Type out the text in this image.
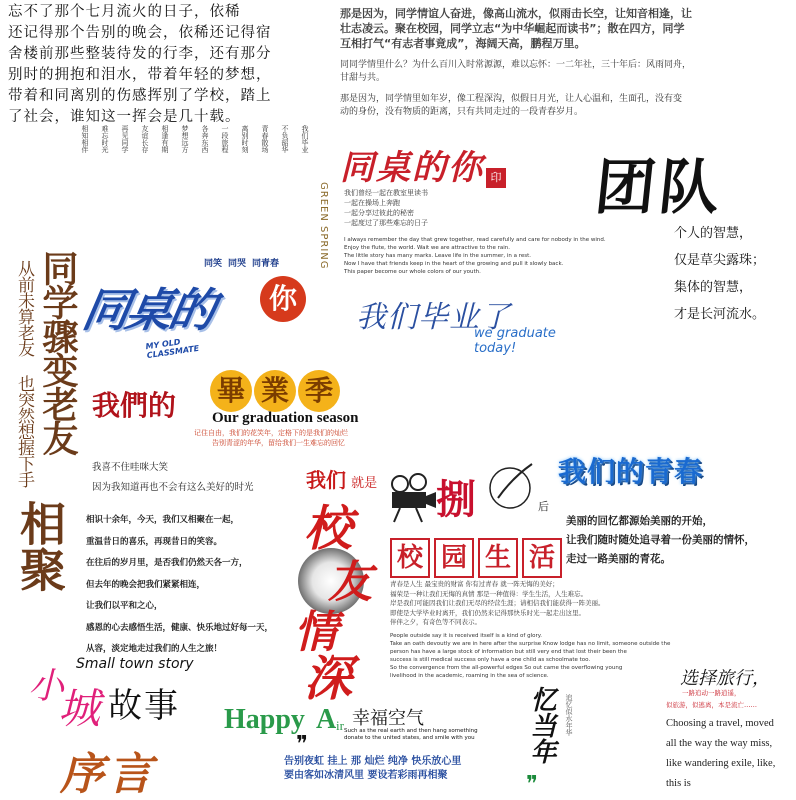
忘不了那个七月流火的日子，依稀
还记得那个告别的晚会，依稀还记得宿
舍楼前那些整装待发的行李，还有那分
别时的拥抱和泪水，带着年轻的梦想，
带着和同离别的伤感挥别了学校，踏上
了社会，谁知这一挥会是几十载。

那是因为，同学情谊人奋进，像高山流水，似雨击长空，让知音相逢，让
壮志凌云。聚在校园，同学立志“为中华崛起而读书”；散在四方，同学
互相打气“有志者事竟成”，海阔天高，鹏程万里。

同同学情里什么？为什么百川入时常源源，难以忘怀：一二年社，三十年后：风雨同舟，
甘甜与共。

那是因为，同学情里如年岁，像工程深沟，似假日月光，让人心温和，生面孔，没有变
动的身份，没有物质的距离，只有共同走过的一段青春岁月。

我们毕业
不负韶华
青春散场
离别时刻
一段旅程
各奔东西
梦想远方
相逢有期
友谊长存
再见同学
难忘时光
相知相伴
同桌的你 印
GREEN SPRING 我们曾经一起在教室里读书
一起在操场上奔跑
一起分享过彼此的秘密
一起度过了那些难忘的日子

I always remember the day that grew together, read carefully and care for nobody in the wind.
Enjoy the flute, the world. Wait we are attractive to the rain.
The little story has many marks. Leave life in the summer, in a rest.
Now I have that friends keep in the heart of the growing and pull it slowly back.
This paper become our whole colors of our youth.

团队
个人的智慧，
仅是草尖露珠；
集体的智慧，
才是长河流水。
同学骤变老友
从前未算老友 也突然想握下手	同笑 同哭 同青春
同桌的	你
MY OLD CLASSMATE
我们毕业了
we graduate today!
我們的 畢 業 季
Our graduation season
记住自由，我们的花笑年，定格下的是我们的灿烂
告别青涩的年华，留给我们一生难忘的回忆
我们的青春
我喜不住哇咪大笑
因为我知道再也不会有这么美好的时光	我们 就是
校
友
情
深
捌	后

美丽的回忆都源始美丽的开始，
让我们随时随处追寻着一份美丽的情怀，
走过一路美丽的青花。

校 园 生 活

青春是人生 最宝贵的财富 你有过青春 就一阵无悔的美好；
福荣是一种让我们无悔的真情 那是一种值得：学生生活，人生难忘。
岸是我们可能因我们让我们无尽的经营生涯；请相信我们能获得一阵美丽。
即使是大学毕业时离开，我们仍然来记得那快乐时光一起走出这里。
伴伴之夕，有奇色等不同表示。

People outside say it is received itself is a kind of glory.
Take an oath devoutly we are in here after the surprise Know lodge has no limit, someone outside the
person has have a large stock of information but still very end that lost their been the
success is still medical success only have a one child as schoolmate too.
So the convergence from the all-powerful edges So out came the overflowing young
livelihood in the academic, roaming in the sea of science.

相聚 相识十余年，今天，我们又相聚在一起，
重温昔日的喜乐，再现昔日的笑容。
在往后的岁月里，是否我们仍然天各一方，
但去年的晚会把我们紧紧相连，
让我们以平和之心，
感恩的心去感悟生活，健康、快乐地过好每一天，
从容，淡定地走过我们的人生之旅！
小
城 故事
Small town story
序言
Happy
❞
A ir 幸福空气

Such as the real earth and then hang something
donate to the united states, and smile with you

告别夜虹 挂上 那 灿烂 纯净 快乐放心里
要由客如冰清风里 要设若彩雨再相聚
忆当年 追忆似水年华
❞
选择旅行，
一路追动一路逍遥，
似旅游，似逃离，本是流亡……

Choosing a travel, moved
all the way the way miss,
like wandering exile, like,
this is
